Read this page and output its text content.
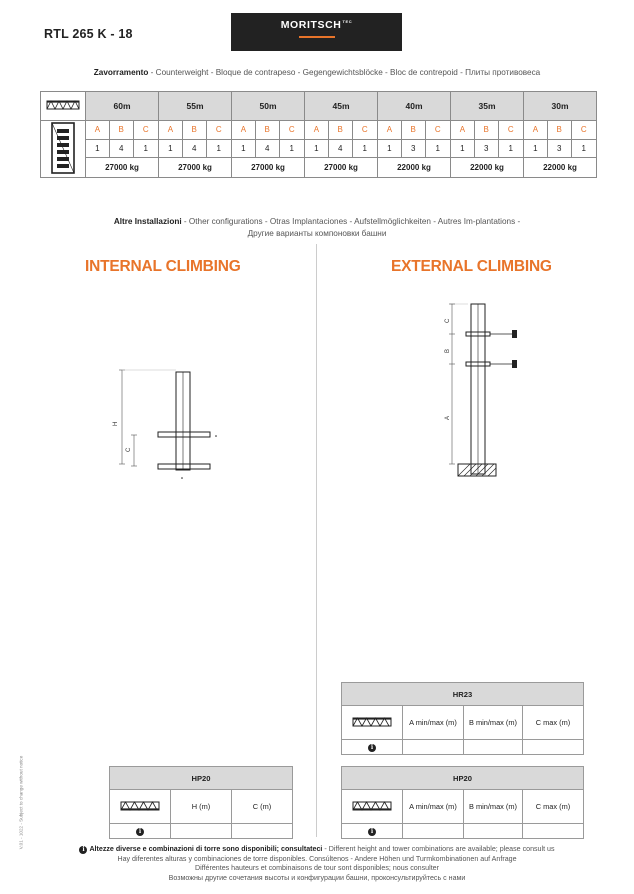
RTL 265 K - 18
$MORITSCH^{TEC}$
Zavorramento - Counterweight - Bloque de contrapeso - Gegengewichtsblöcke - Bloc de contrepoid - Плиты противовеса
	60m			55m			50m			45m			40m			35m			30m		
	A	B	C	A	B	C	A	B	C	A	B	C	A	B	C	A	B	C	A	B	C
	1	4	1	1	4	1	1	4	1	1	4	1	1	3	1	1	3	1	1	3	1
	27000 kg			27000 kg			27000 kg			27000 kg			22000 kg			22000 kg			22000 kg		
Altre Installazioni - Other configurations - Otras Implantaciones - Aufstellmöglichkeiten - Autres Im-plantations -
Другие варианты компоновки башни
INTERNAL CLIMBING	EXTERNAL CLIMBING
H
C
C
B
A
HP20		
	H (m)	C (m)
i		
HR23			
	A min/max (m)	B min/max (m)	C max (m)
i			
HP20			
	A min/max (m)	B min/max (m)	C max (m)
i			
V.01 - 1022 - Subject to change without notice
i Altezze diverse e combinazioni di torre sono disponibili; consultateci - Different height and tower combinations are available; please consult us
Hay diferentes alturas y combinaciones de torre disponibles. Consúltenos - Andere Höhen und Turmkombinationen auf Anfrage
Différentes hauteurs et combinaisons de tour sont disponibles; nous consulter
Возможны другие сочетания высоты и конфигурации башни, проконсультируйтесь с нами
